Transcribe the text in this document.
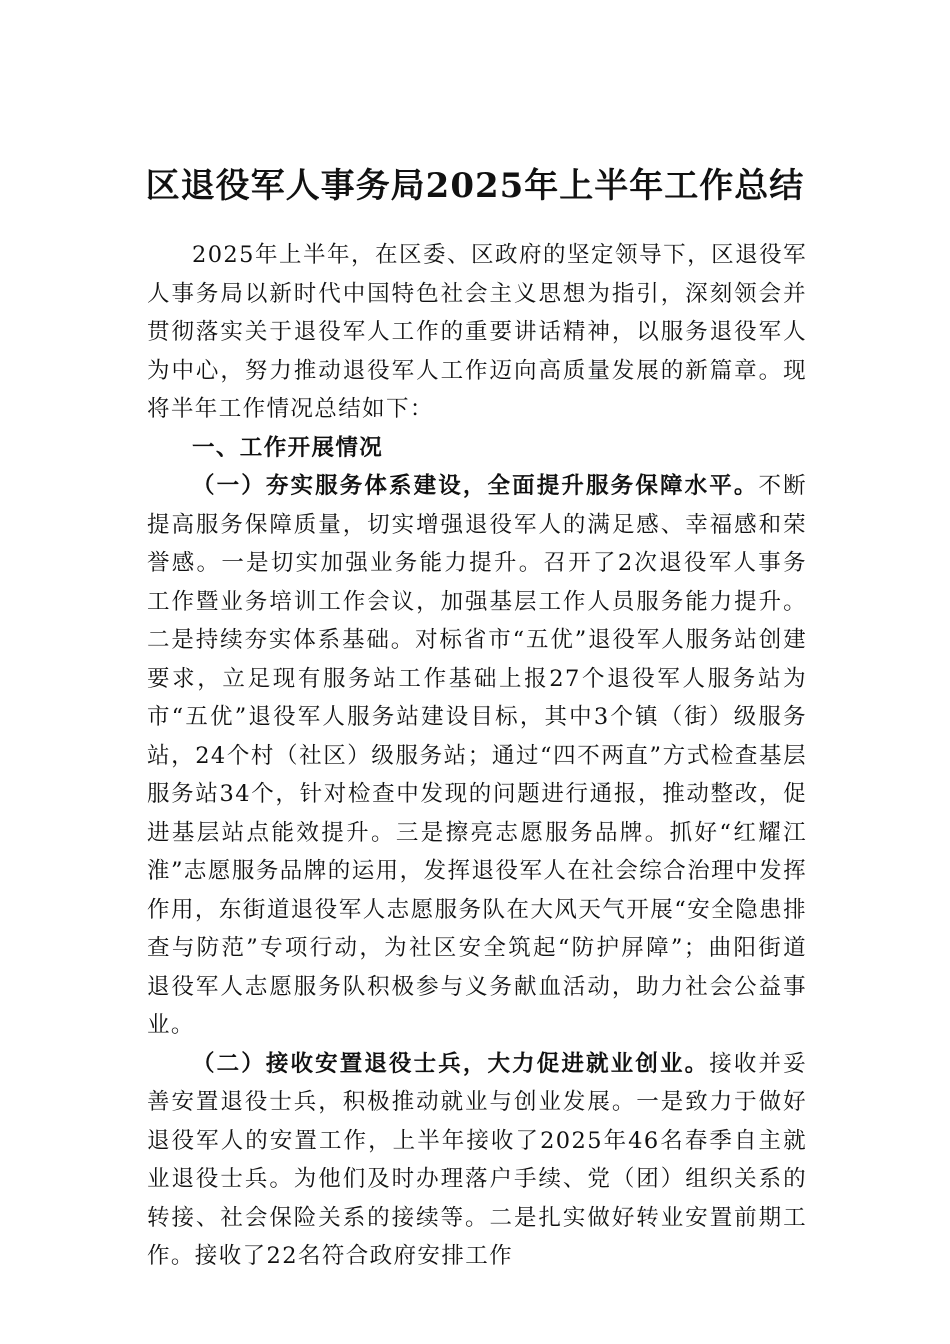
区退役军人事务局2025年上半年工作总结

2025年上半年，在区委、区政府的坚定领导下，区退役军人事务局以新时代中国特色社会主义思想为指引，深刻领会并贯彻落实关于退役军人工作的重要讲话精神，以服务退役军人为中心，努力推动退役军人工作迈向高质量发展的新篇章。现将半年工作情况总结如下：

一、工作开展情况

（一）夯实服务体系建设，全面提升服务保障水平。不断提高服务保障质量，切实增强退役军人的满足感、幸福感和荣誉感。一是切实加强业务能力提升。召开了2次退役军人事务工作暨业务培训工作会议，加强基层工作人员服务能力提升。二是持续夯实体系基础。对标省市“五优”退役军人服务站创建要求，立足现有服务站工作基础上报27个退役军人服务站为市“五优”退役军人服务站建设目标，其中3个镇（街）级服务站，24个村（社区）级服务站；通过“四不两直”方式检查基层服务站34个，针对检查中发现的问题进行通报，推动整改，促进基层站点能效提升。三是擦亮志愿服务品牌。抓好“红耀江淮”志愿服务品牌的运用，发挥退役军人在社会综合治理中发挥作用，东街道退役军人志愿服务队在大风天气开展“安全隐患排查与防范”专项行动，为社区安全筑起“防护屏障”；曲阳街道退役军人志愿服务队积极参与义务献血活动，助力社会公益事业。

（二）接收安置退役士兵，大力促进就业创业。接收并妥善安置退役士兵，积极推动就业与创业发展。一是致力于做好退役军人的安置工作，上半年接收了2025年46名春季自主就业退役士兵。为他们及时办理落户手续、党（团）组织关系的转接、社会保险关系的接续等。二是扎实做好转业安置前期工作。接收了22名符合政府安排工作
